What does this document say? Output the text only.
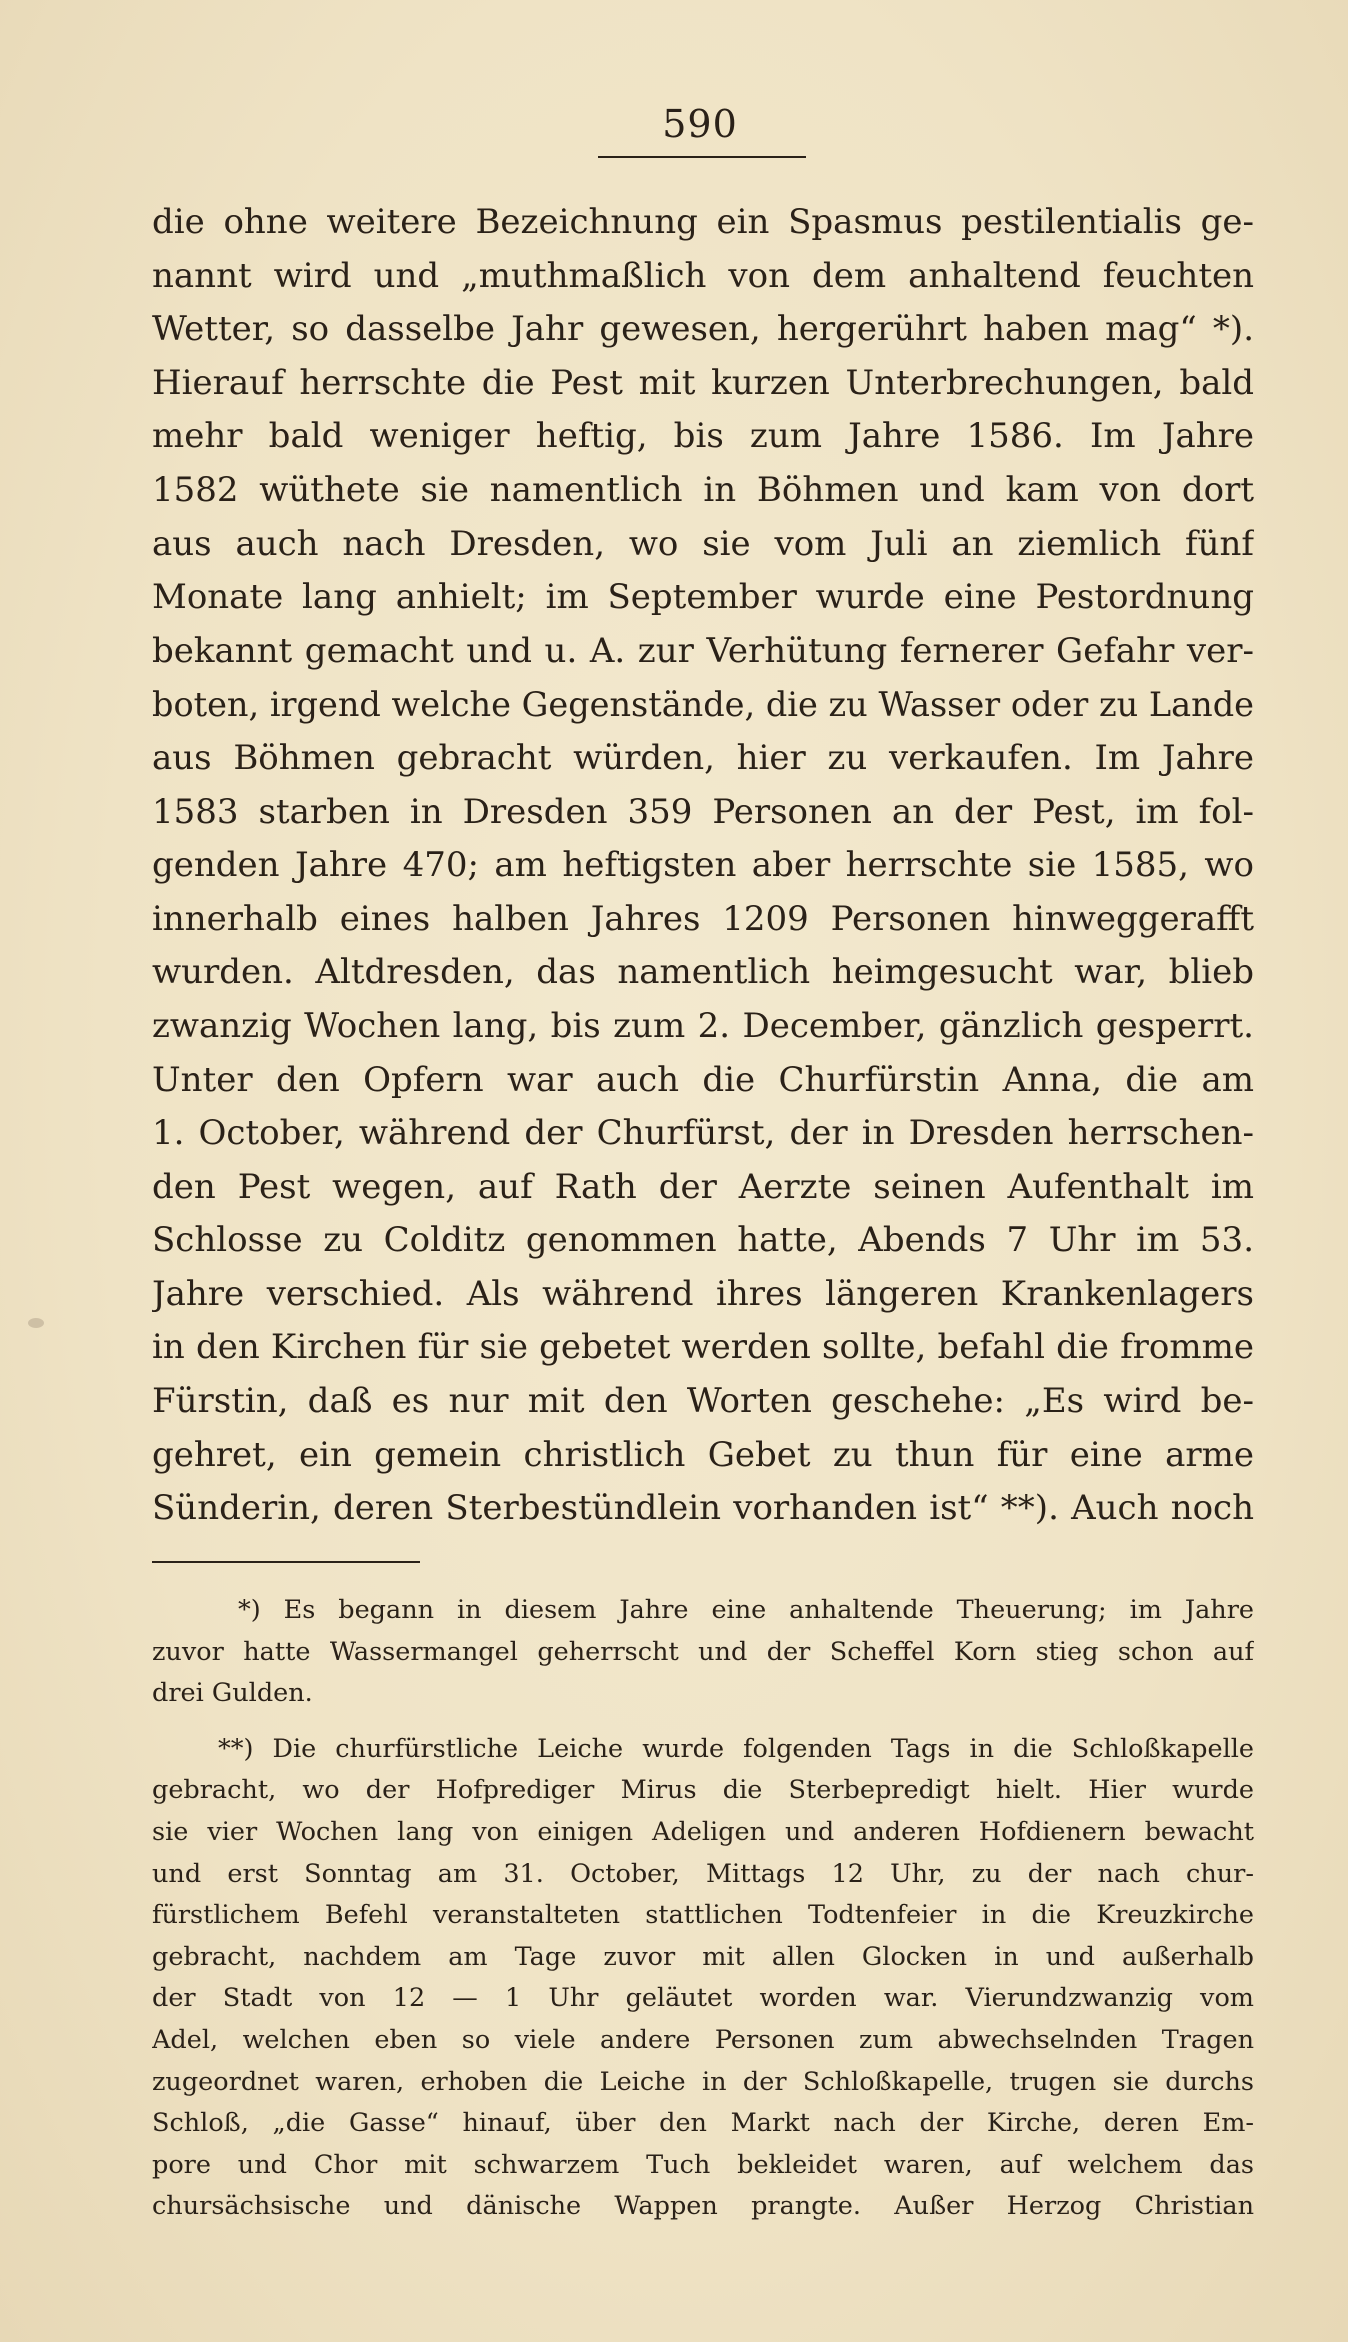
590
die ohne weitere Bezeichnung ein Spasmus pestilentialis ge-
nannt wird und „muthmaßlich von dem anhaltend feuchten
Wetter, so dasselbe Jahr gewesen, hergerührt haben mag“ *).
Hierauf herrschte die Pest mit kurzen Unterbrechungen, bald
mehr bald weniger heftig, bis zum Jahre 1586. Im Jahre
1582 wüthete sie namentlich in Böhmen und kam von dort
aus auch nach Dresden, wo sie vom Juli an ziemlich fünf
Monate lang anhielt; im September wurde eine Pestordnung
bekannt gemacht und u. A. zur Verhütung fernerer Gefahr ver-
boten, irgend welche Gegenstände, die zu Wasser oder zu Lande
aus Böhmen gebracht würden, hier zu verkaufen. Im Jahre
1583 starben in Dresden 359 Personen an der Pest, im fol-
genden Jahre 470; am heftigsten aber herrschte sie 1585, wo
innerhalb eines halben Jahres 1209 Personen hinweggerafft
wurden. Altdresden, das namentlich heimgesucht war, blieb
zwanzig Wochen lang, bis zum 2. December, gänzlich gesperrt.
Unter den Opfern war auch die Churfürstin Anna, die am
1. October, während der Churfürst, der in Dresden herrschen-
den Pest wegen, auf Rath der Aerzte seinen Aufenthalt im
Schlosse zu Colditz genommen hatte, Abends 7 Uhr im 53.
Jahre verschied. Als während ihres längeren Krankenlagers
in den Kirchen für sie gebetet werden sollte, befahl die fromme
Fürstin, daß es nur mit den Worten geschehe: „Es wird be-
gehret, ein gemein christlich Gebet zu thun für eine arme
Sünderin, deren Sterbestündlein vorhanden ist“ **). Auch noch
*) Es begann in diesem Jahre eine anhaltende Theuerung; im Jahre
zuvor hatte Wassermangel geherrscht und der Scheffel Korn stieg schon auf
drei Gulden.
**) Die churfürstliche Leiche wurde folgenden Tags in die Schloßkapelle
gebracht, wo der Hofprediger Mirus die Sterbepredigt hielt. Hier wurde
sie vier Wochen lang von einigen Adeligen und anderen Hofdienern bewacht
und erst Sonntag am 31. October, Mittags 12 Uhr, zu der nach chur-
fürstlichem Befehl veranstalteten stattlichen Todtenfeier in die Kreuzkirche
gebracht, nachdem am Tage zuvor mit allen Glocken in und außerhalb
der Stadt von 12 — 1 Uhr geläutet worden war. Vierundzwanzig vom
Adel, welchen eben so viele andere Personen zum abwechselnden Tragen
zugeordnet waren, erhoben die Leiche in der Schloßkapelle, trugen sie durchs
Schloß, „die Gasse“ hinauf, über den Markt nach der Kirche, deren Em-
pore und Chor mit schwarzem Tuch bekleidet waren, auf welchem das
chursächsische und dänische Wappen prangte. Außer Herzog Christian
